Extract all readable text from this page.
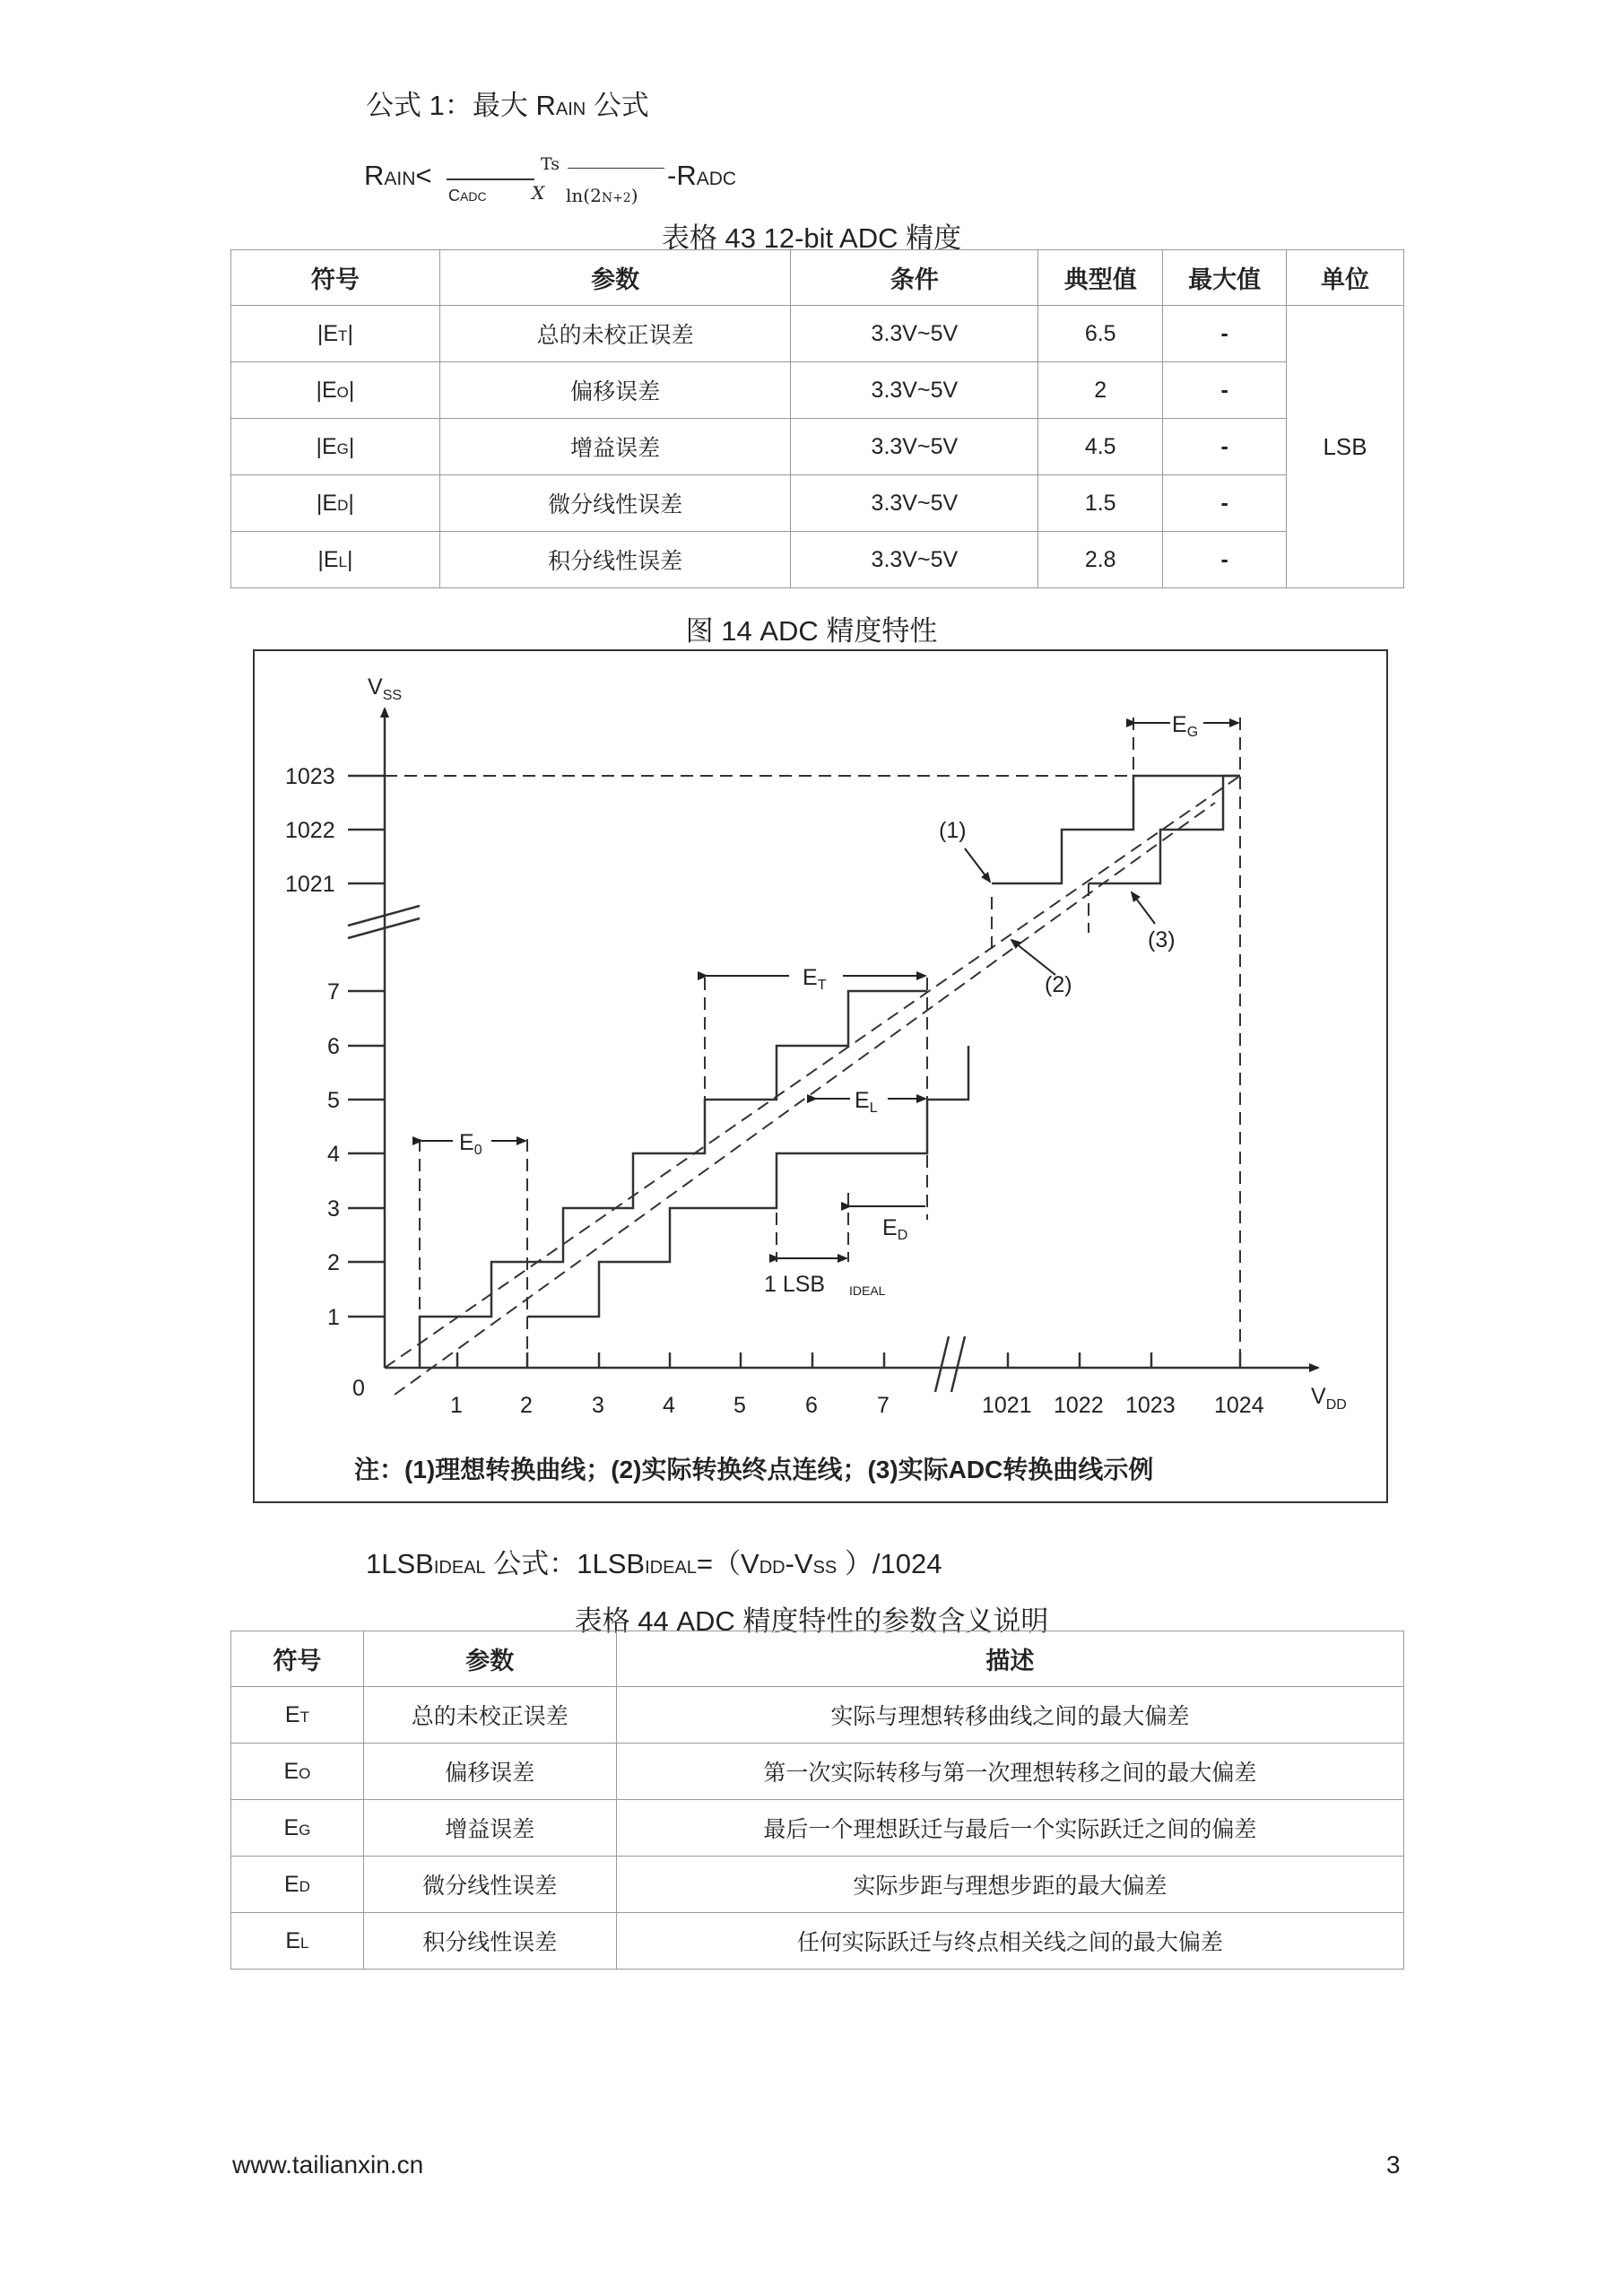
公式 1：最大 RAIN 公式
RAIN<	Ts
CADC	X ln(2N+2)
-RADC
表格 43 12-bit ADC 精度
符号	参数	条件	典型值	最大值	单位
|ET|	总的未校正误差	3.3V~5V	6.5	-	LSB
|EO|	偏移误差	3.3V~5V	2	-	
|EG|	增益误差	3.3V~5V	4.5	-	
|ED|	微分线性误差	3.3V~5V	1.5	-	
|EL|	积分线性误差	3.3V~5V	2.8	-	
图 14 ADC 精度特性
$V_{SS}$
$V_{DD}$
0
1
2
3
4
5
6
7
1021
1022
1023
1	2	3	4	5	6	7	1021 1022 1023 1024
$E_G$
$E_T$
$E_L$
$E_0$
$E_D$
(1)
(2)
(3)
1 LSB IDEAL
注：(1)理想转换曲线；(2)实际转换终点连线；(3)实际ADC转换曲线示例
1LSBIDEAL 公式：1LSBIDEAL=（VDD-VSS ）/1024
表格 44 ADC 精度特性的参数含义说明
符号	参数	描述
ET	总的未校正误差	实际与理想转移曲线之间的最大偏差
EO	偏移误差	第一次实际转移与第一次理想转移之间的最大偏差
EG	增益误差	最后一个理想跃迁与最后一个实际跃迁之间的偏差
ED	微分线性误差	实际步距与理想步距的最大偏差
EL	积分线性误差	任何实际跃迁与终点相关线之间的最大偏差
www.tailianxin.cn	3
